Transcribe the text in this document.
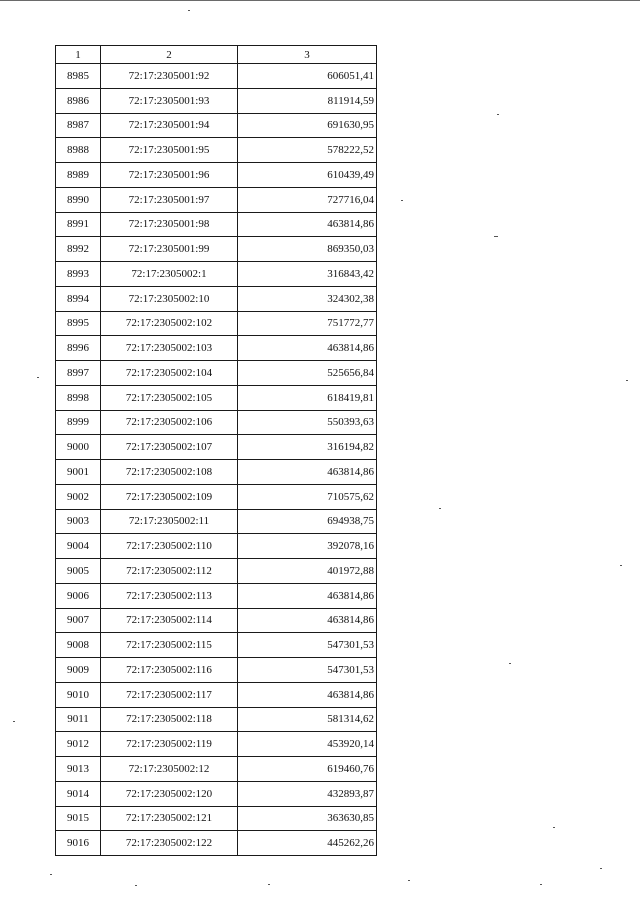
1	2	3
8985	72:17:2305001:92	606051,41
8986	72:17:2305001:93	811914,59
8987	72:17:2305001:94	691630,95
8988	72:17:2305001:95	578222,52
8989	72:17:2305001:96	610439,49
8990	72:17:2305001:97	727716,04
8991	72:17:2305001:98	463814,86
8992	72:17:2305001:99	869350,03
8993	72:17:2305002:1	316843,42
8994	72:17:2305002:10	324302,38
8995	72:17:2305002:102	751772,77
8996	72:17:2305002:103	463814,86
8997	72:17:2305002:104	525656,84
8998	72:17:2305002:105	618419,81
8999	72:17:2305002:106	550393,63
9000	72:17:2305002:107	316194,82
9001	72:17:2305002:108	463814,86
9002	72:17:2305002:109	710575,62
9003	72:17:2305002:11	694938,75
9004	72:17:2305002:110	392078,16
9005	72:17:2305002:112	401972,88
9006	72:17:2305002:113	463814,86
9007	72:17:2305002:114	463814,86
9008	72:17:2305002:115	547301,53
9009	72:17:2305002:116	547301,53
9010	72:17:2305002:117	463814,86
9011	72:17:2305002:118	581314,62
9012	72:17:2305002:119	453920,14
9013	72:17:2305002:12	619460,76
9014	72:17:2305002:120	432893,87
9015	72:17:2305002:121	363630,85
9016	72:17:2305002:122	445262,26
